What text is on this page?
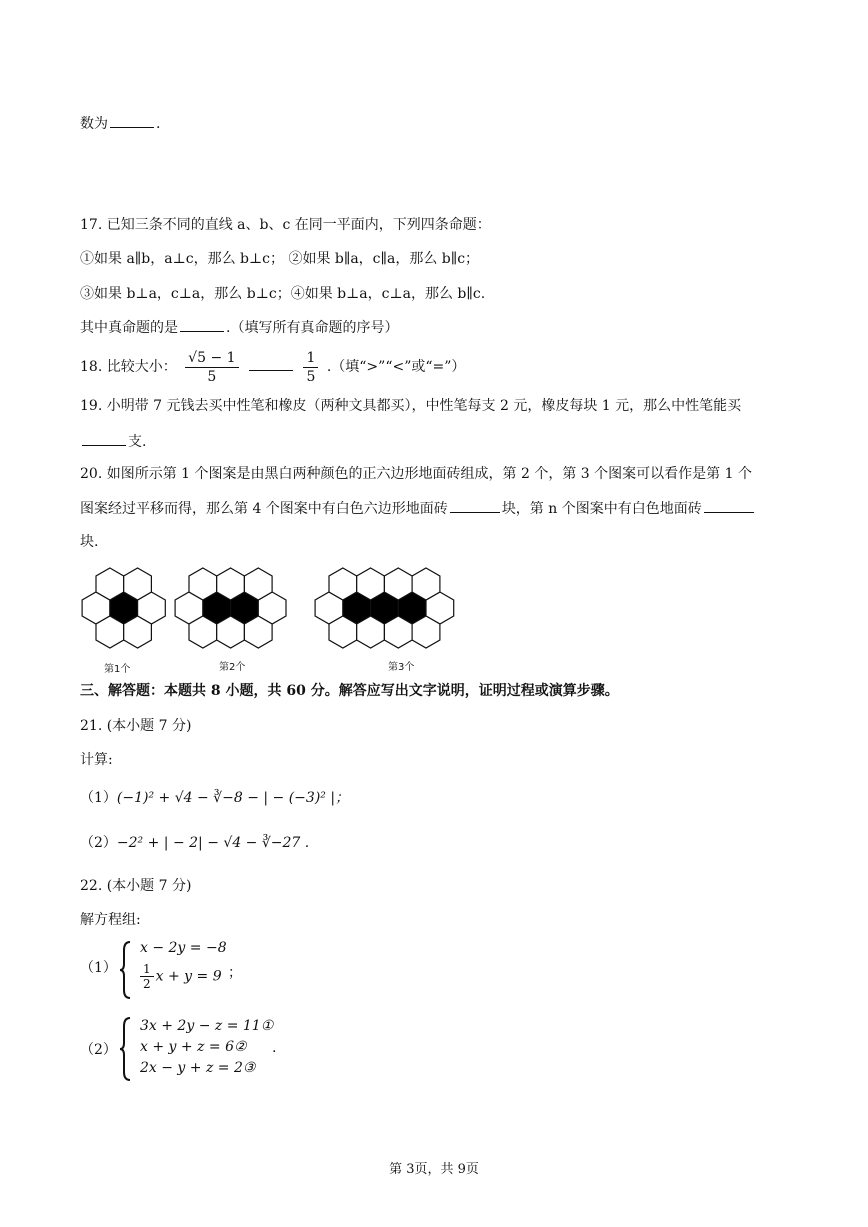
数为	.
17. 已知三条不同的直线 a、b、c 在同一平面内，下列四条命题：
①如果 a∥b，a⊥c，那么 b⊥c； ②如果 b∥a，c∥a，那么 b∥c；
③如果 b⊥a，c⊥a，那么 b⊥c；④如果 b⊥a，c⊥a，那么 b∥c.
其中真命题的是	.（填写所有真命题的序号）
18. 比较大小： $\frac{√5 - 1}{5}$
	$\frac{1}{5}$ .（填“>”“<”或“=”）
19. 小明带 7 元钱去买中性笔和橡皮（两种文具都买），中性笔每支 2 元，橡皮每块 1 元，那么中性笔能买
支.
20. 如图所示第 1 个图案是由黑白两种颜色的正六边形地面砖组成，第 2 个，第 3 个图案可以看作是第 1 个
图案经过平移而得，那么第 4 个图案中有白色六边形地面砖	块，第 n 个图案中有白色地面砖
块.
第1个	第2个	第3个
三、解答题：本题共 8 小题，共 60 分。解答应写出文字说明，证明过程或演算步骤。
21. (本小题 7 分)
计算:
（1）(−1)² + √4 − ∛−8 − | − (−3)² |；
（2）−2² + | − 2| − √4 − ∛−27 .
22. (本小题 7 分)
解方程组:
（1）
x − 2y = −8
$\frac{1}{2}$ x + y = 9 ；
（2）
3x + 2y − z = 11①
x + y + z = 6②
2x − y + z = 2③
.
第 3页，共 9页
